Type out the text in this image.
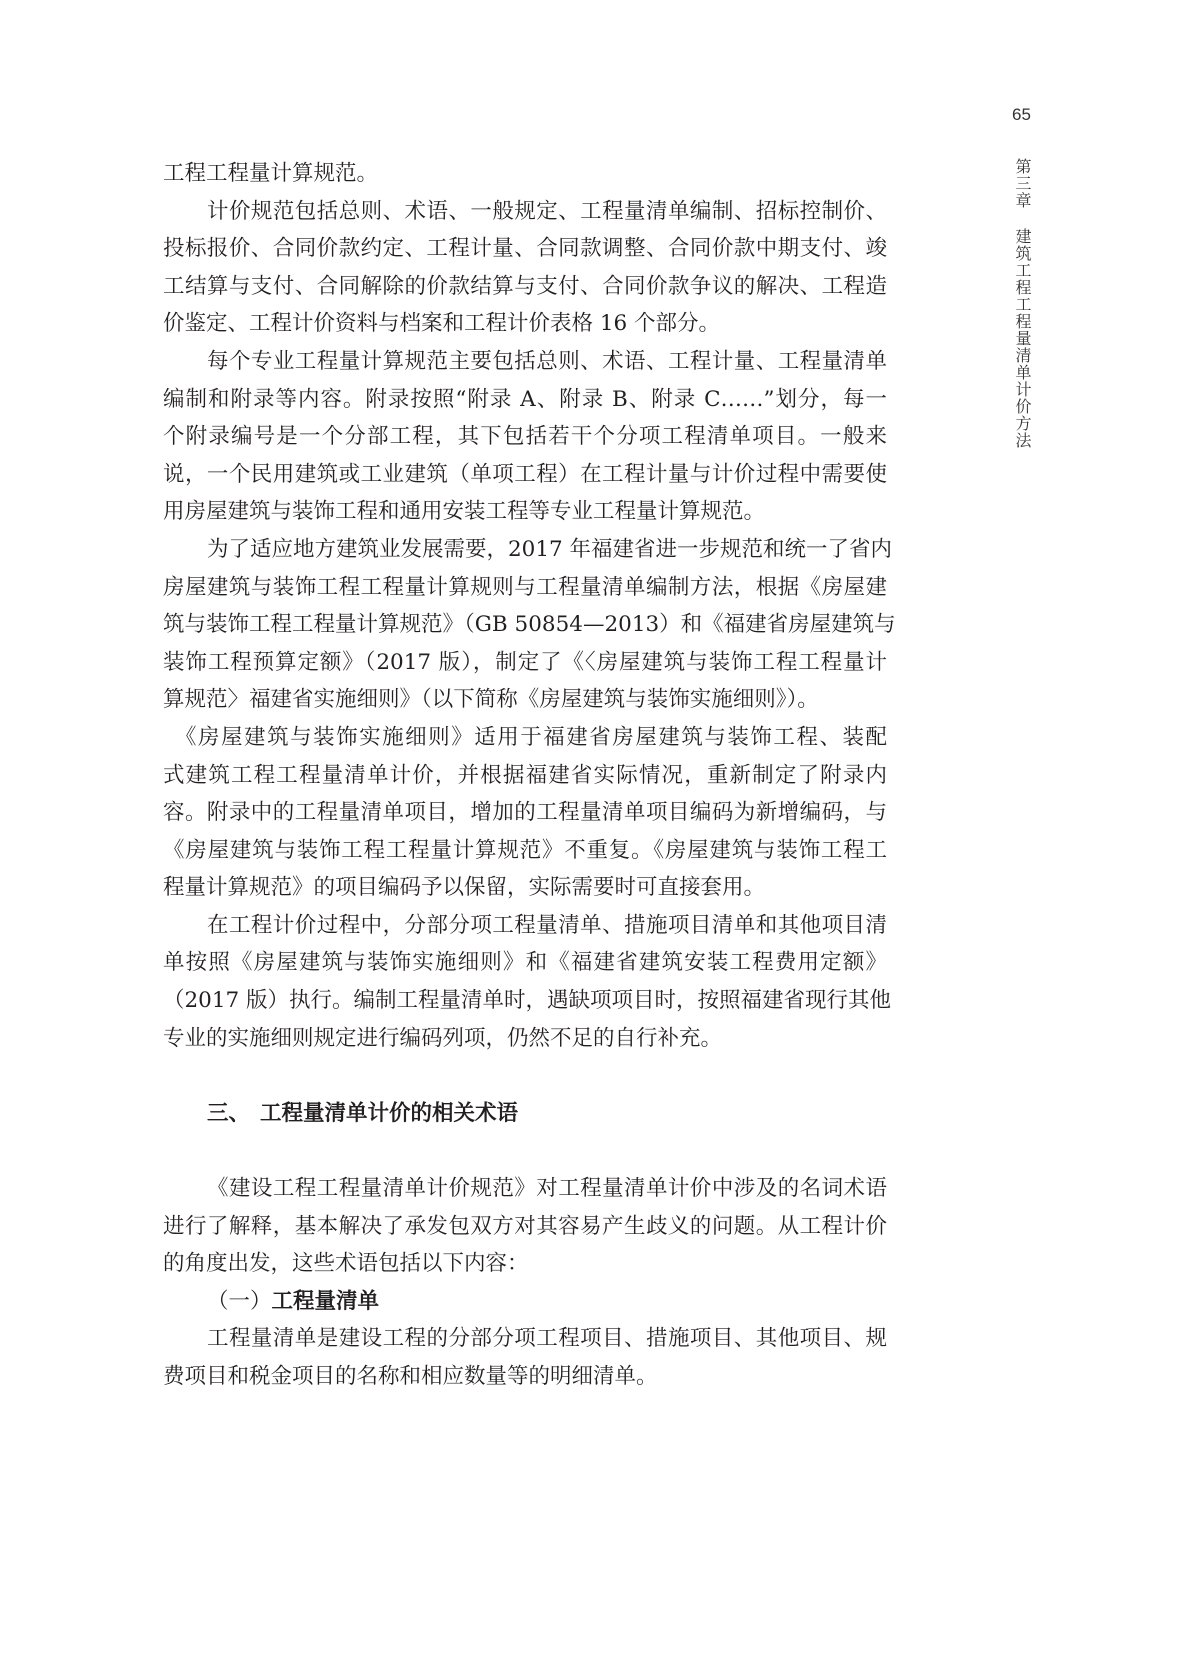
65
第三章
建筑工程工程量清单计价方法
工程工程量计算规范。
计价规范包括总则、术语、一般规定、工程量清单编制、招标控制价、
投标报价、合同价款约定、工程计量、合同款调整、合同价款中期支付、竣
工结算与支付、合同解除的价款结算与支付、合同价款争议的解决、工程造
价鉴定、工程计价资料与档案和工程计价表格 16 个部分。
每个专业工程量计算规范主要包括总则、术语、工程计量、工程量清单
编制和附录等内容。附录按照“附录 A、附录 B、附录 C……”划分，每一
个附录编号是一个分部工程，其下包括若干个分项工程清单项目。一般来
说，一个民用建筑或工业建筑（单项工程）在工程计量与计价过程中需要使
用房屋建筑与装饰工程和通用安装工程等专业工程量计算规范。
为了适应地方建筑业发展需要，2017 年福建省进一步规范和统一了省内
房屋建筑与装饰工程工程量计算规则与工程量清单编制方法，根据《房屋建
筑与装饰工程工程量计算规范》（GB 50854—2013）和《福建省房屋建筑与
装饰工程预算定额》（2017 版），制定了《〈房屋建筑与装饰工程工程量计
算规范〉福建省实施细则》（以下简称《房屋建筑与装饰实施细则》）。
《房屋建筑与装饰实施细则》适用于福建省房屋建筑与装饰工程、装配
式建筑工程工程量清单计价，并根据福建省实际情况，重新制定了附录内
容。附录中的工程量清单项目，增加的工程量清单项目编码为新增编码，与
《房屋建筑与装饰工程工程量计算规范》不重复。《房屋建筑与装饰工程工
程量计算规范》的项目编码予以保留，实际需要时可直接套用。
在工程计价过程中，分部分项工程量清单、措施项目清单和其他项目清
单按照《房屋建筑与装饰实施细则》和《福建省建筑安装工程费用定额》
（2017 版）执行。编制工程量清单时，遇缺项项目时，按照福建省现行其他
专业的实施细则规定进行编码列项，仍然不足的自行补充。
三、 工程量清单计价的相关术语
《建设工程工程量清单计价规范》对工程量清单计价中涉及的名词术语
进行了解释，基本解决了承发包双方对其容易产生歧义的问题。从工程计价
的角度出发，这些术语包括以下内容：
（一）工程量清单
工程量清单是建设工程的分部分项工程项目、措施项目、其他项目、规
费项目和税金项目的名称和相应数量等的明细清单。
